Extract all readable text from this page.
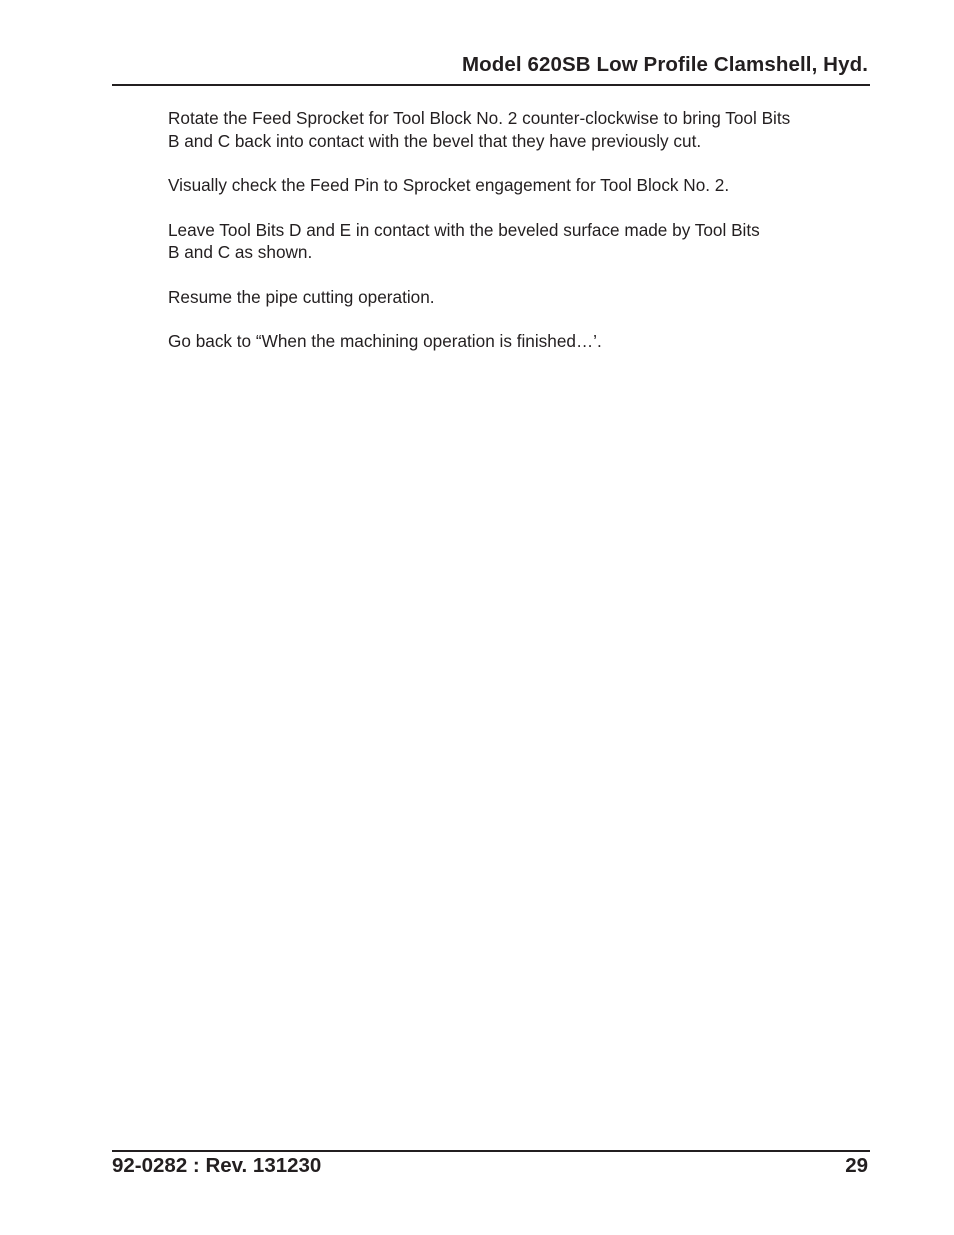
Model 620SB Low Profile Clamshell, Hyd.

Rotate the Feed Sprocket for Tool Block No. 2 counter-clockwise to bring Tool Bits
B and C back into contact with the bevel that they have previously cut.

Visually check the Feed Pin to Sprocket engagement for Tool Block No. 2.

Leave Tool Bits D and E in contact with the beveled surface made by Tool Bits
B and C as shown.

Resume the pipe cutting operation.

Go back to “When the machining operation is finished…’.

92-0282 : Rev. 131230	29
